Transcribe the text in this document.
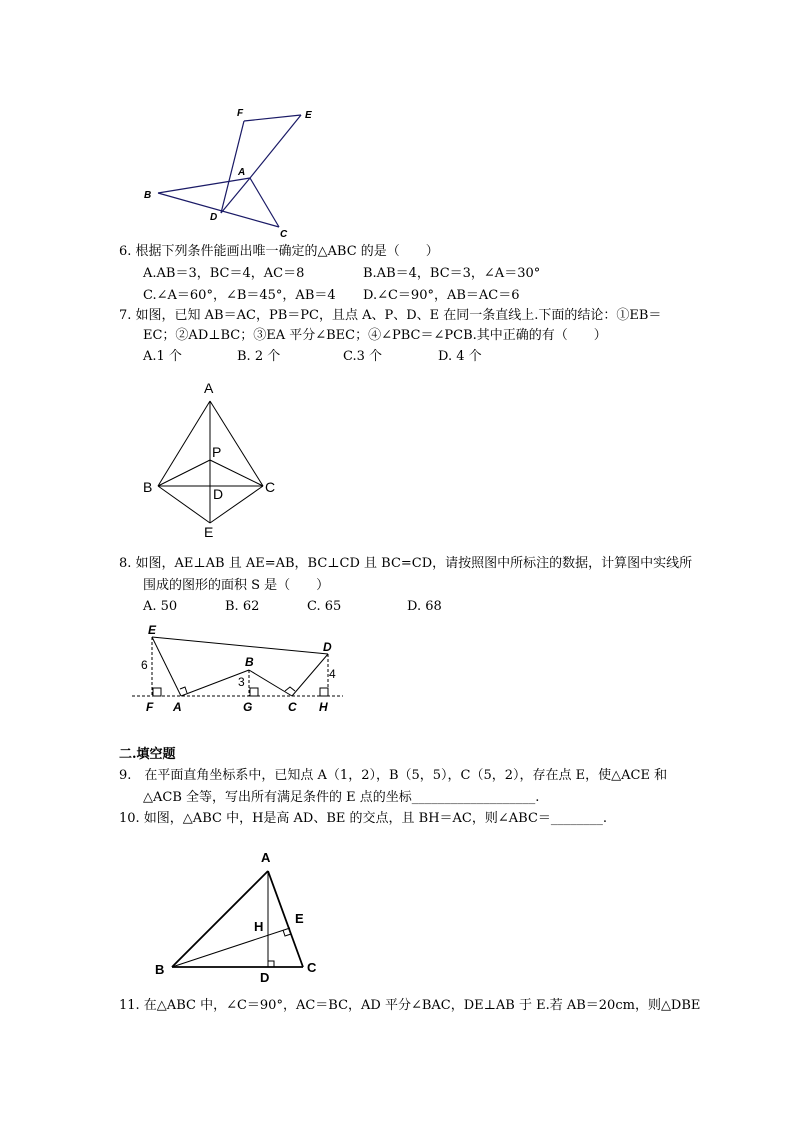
F	E
A
B
D
C
6. 根据下列条件能画出唯一确定的△ABC 的是（　　）
A.AB＝3，BC＝4，AC＝8	B.AB＝4，BC＝3，∠A＝30°
C.∠A＝60°，∠B＝45°，AB＝4 D.∠C＝90°，AB＝AC＝6
7. 如图，已知 AB＝AC，PB＝PC，且点 A、P、D、E 在同一条直线上.下面的结论：①EB＝
EC；②AD⊥BC；③EA 平分∠BEC；④∠PBC＝∠PCB.其中正确的有（　　）
A.1 个	B. 2 个	C.3 个	D. 4 个
A
P
B	D	C
E
8. 如图，AE⊥AB 且 AE=AB，BC⊥CD 且 BC=CD，请按照图中所标注的数据，计算图中实线所
围成的图形的面积 S 是（　　）
A. 50	B. 62	C. 65	D. 68
E
D
B
6
3
4
F A	G	C H
二.填空题
9.　在平面直角坐标系中，已知点 A（1，2），B（5，5），C（5，2），存在点 E，使△ACE 和
△ACB 全等，写出所有满足条件的 E 点的坐标___________________.
10. 如图，△ABC 中，H是高 AD、BE 的交点，且 BH＝AC，则∠ABC＝________.
A
E
H
B
D
C
11. 在△ABC 中，∠C＝90°，AC＝BC，AD 平分∠BAC，DE⊥AB 于 E.若 AB＝20cm，则△DBE
